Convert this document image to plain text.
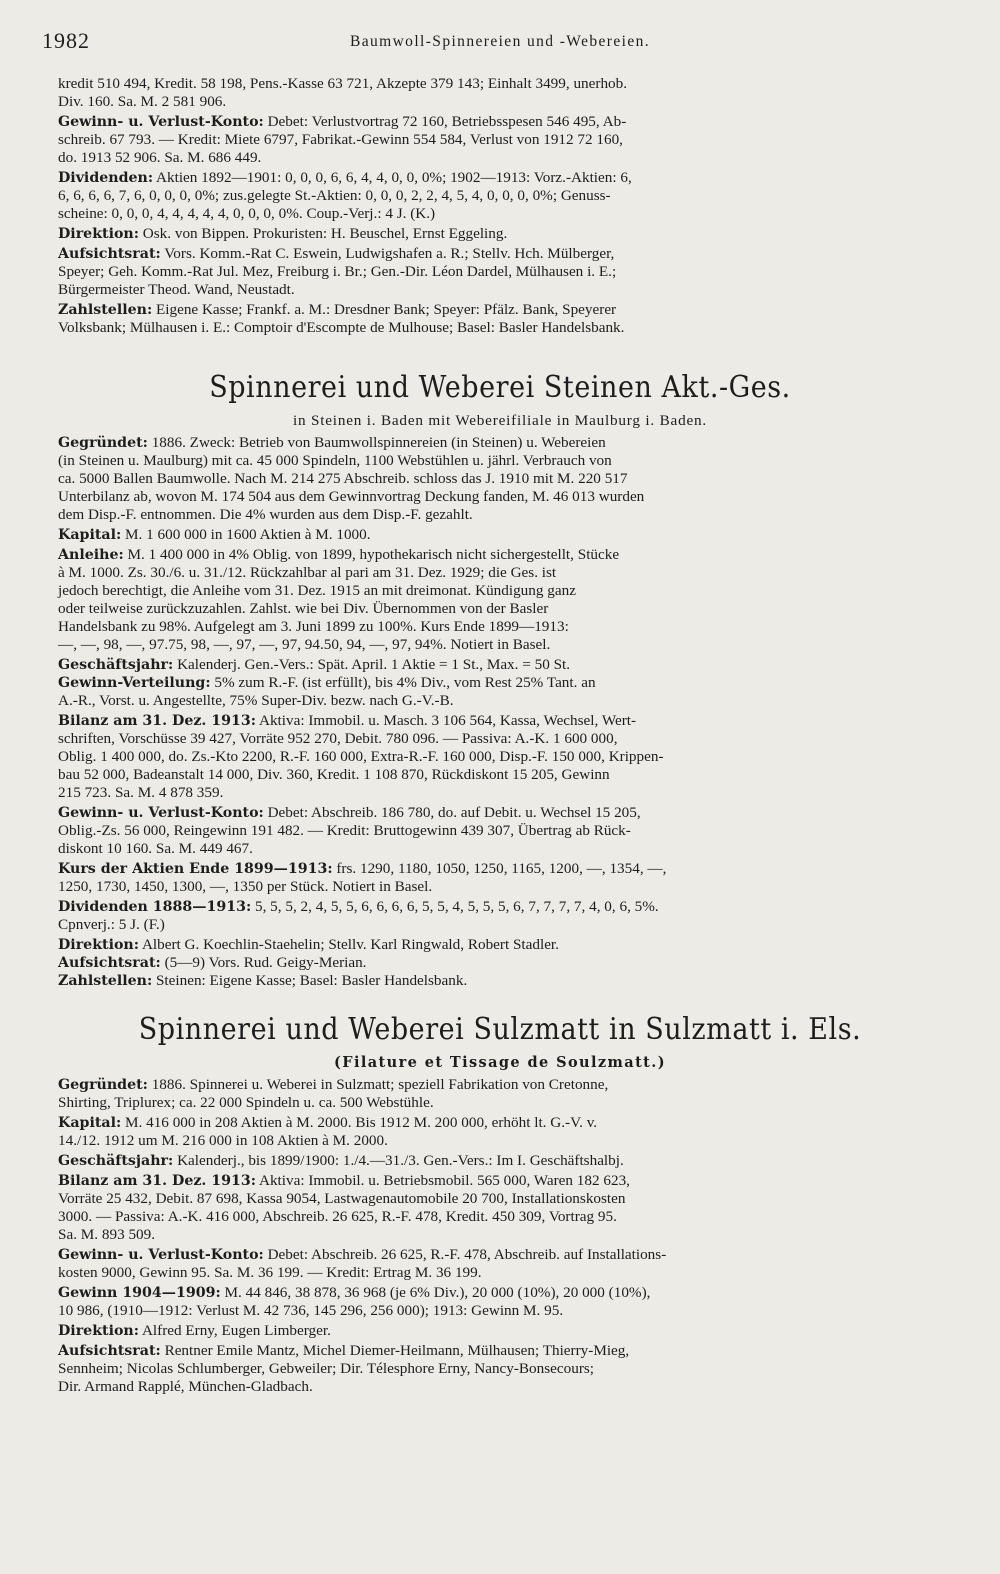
1982	Baumwoll-Spinnereien und -Webereien.
kredit 510 494, Kredit. 58 198, Pens.-Kasse 63 721, Akzepte 379 143; Einhalt 3499, unerhob.
Div. 160. Sa. M. 2 581 906.
Gewinn- u. Verlust-Konto: Debet: Verlustvortrag 72 160, Betriebsspesen 546 495, Ab-
schreib. 67 793. — Kredit: Miete 6797, Fabrikat.-Gewinn 554 584, Verlust von 1912 72 160,
do. 1913 52 906. Sa. M. 686 449.
Dividenden: Aktien 1892—1901: 0, 0, 0, 6, 6, 4, 4, 0, 0, 0%; 1902—1913: Vorz.-Aktien: 6,
6, 6, 6, 6, 7, 6, 0, 0, 0, 0%; zus.gelegte St.-Aktien: 0, 0, 0, 2, 2, 4, 5, 4, 0, 0, 0, 0%; Genuss-
scheine: 0, 0, 0, 4, 4, 4, 4, 4, 0, 0, 0, 0%. Coup.-Verj.: 4 J. (K.)
Direktion: Osk. von Bippen. Prokuristen: H. Beuschel, Ernst Eggeling.
Aufsichtsrat: Vors. Komm.-Rat C. Eswein, Ludwigshafen a. R.; Stellv. Hch. Mülberger,
Speyer; Geh. Komm.-Rat Jul. Mez, Freiburg i. Br.; Gen.-Dir. Léon Dardel, Mülhausen i. E.;
Bürgermeister Theod. Wand, Neustadt.
Zahlstellen: Eigene Kasse; Frankf. a. M.: Dresdner Bank; Speyer: Pfälz. Bank, Speyerer
Volksbank; Mülhausen i. E.: Comptoir d'Escompte de Mulhouse; Basel: Basler Handelsbank.
Spinnerei und Weberei Steinen Akt.-Ges.
in Steinen i. Baden mit Webereifiliale in Maulburg i. Baden.
Gegründet: 1886. Zweck: Betrieb von Baumwollspinnereien (in Steinen) u. Webereien
(in Steinen u. Maulburg) mit ca. 45 000 Spindeln, 1100 Webstühlen u. jährl. Verbrauch von
ca. 5000 Ballen Baumwolle. Nach M. 214 275 Abschreib. schloss das J. 1910 mit M. 220 517
Unterbilanz ab, wovon M. 174 504 aus dem Gewinnvortrag Deckung fanden, M. 46 013 wurden
dem Disp.-F. entnommen. Die 4% wurden aus dem Disp.-F. gezahlt.
Kapital: M. 1 600 000 in 1600 Aktien à M. 1000.
Anleihe: M. 1 400 000 in 4% Oblig. von 1899, hypothekarisch nicht sichergestellt, Stücke
à M. 1000. Zs. 30./6. u. 31./12. Rückzahlbar al pari am 31. Dez. 1929; die Ges. ist
jedoch berechtigt, die Anleihe vom 31. Dez. 1915 an mit dreimonat. Kündigung ganz
oder teilweise zurückzuzahlen. Zahlst. wie bei Div. Übernommen von der Basler
Handelsbank zu 98%. Aufgelegt am 3. Juni 1899 zu 100%. Kurs Ende 1899—1913:
—, —, 98, —, 97.75, 98, —, 97, —, 97, 94.50, 94, —, 97, 94%. Notiert in Basel.
Geschäftsjahr: Kalenderj. Gen.-Vers.: Spät. April. 1 Aktie = 1 St., Max. = 50 St.
Gewinn-Verteilung: 5% zum R.-F. (ist erfüllt), bis 4% Div., vom Rest 25% Tant. an
A.-R., Vorst. u. Angestellte, 75% Super-Div. bezw. nach G.-V.-B.
Bilanz am 31. Dez. 1913: Aktiva: Immobil. u. Masch. 3 106 564, Kassa, Wechsel, Wert-
schriften, Vorschüsse 39 427, Vorräte 952 270, Debit. 780 096. — Passiva: A.-K. 1 600 000,
Oblig. 1 400 000, do. Zs.-Kto 2200, R.-F. 160 000, Extra-R.-F. 160 000, Disp.-F. 150 000, Krippen-
bau 52 000, Badeanstalt 14 000, Div. 360, Kredit. 1 108 870, Rückdiskont 15 205, Gewinn
215 723. Sa. M. 4 878 359.
Gewinn- u. Verlust-Konto: Debet: Abschreib. 186 780, do. auf Debit. u. Wechsel 15 205,
Oblig.-Zs. 56 000, Reingewinn 191 482. — Kredit: Bruttogewinn 439 307, Übertrag ab Rück-
diskont 10 160. Sa. M. 449 467.
Kurs der Aktien Ende 1899—1913: frs. 1290, 1180, 1050, 1250, 1165, 1200, —, 1354, —,
1250, 1730, 1450, 1300, —, 1350 per Stück. Notiert in Basel.
Dividenden 1888—1913: 5, 5, 5, 2, 4, 5, 5, 6, 6, 6, 6, 5, 5, 4, 5, 5, 5, 6, 7, 7, 7, 7, 4, 0, 6, 5%.
Cpnverj.: 5 J. (F.)
Direktion: Albert G. Koechlin-Staehelin; Stellv. Karl Ringwald, Robert Stadler.
Aufsichtsrat: (5—9) Vors. Rud. Geigy-Merian.
Zahlstellen: Steinen: Eigene Kasse; Basel: Basler Handelsbank.
Spinnerei und Weberei Sulzmatt in Sulzmatt i. Els.
(Filature et Tissage de Soulzmatt.)
Gegründet: 1886. Spinnerei u. Weberei in Sulzmatt; speziell Fabrikation von Cretonne,
Shirting, Triplurex; ca. 22 000 Spindeln u. ca. 500 Webstühle.
Kapital: M. 416 000 in 208 Aktien à M. 2000. Bis 1912 M. 200 000, erhöht lt. G.-V. v.
14./12. 1912 um M. 216 000 in 108 Aktien à M. 2000.
Geschäftsjahr: Kalenderj., bis 1899/1900: 1./4.—31./3. Gen.-Vers.: Im I. Geschäftshalbj.
Bilanz am 31. Dez. 1913: Aktiva: Immobil. u. Betriebsmobil. 565 000, Waren 182 623,
Vorräte 25 432, Debit. 87 698, Kassa 9054, Lastwagenautomobile 20 700, Installationskosten
3000. — Passiva: A.-K. 416 000, Abschreib. 26 625, R.-F. 478, Kredit. 450 309, Vortrag 95.
Sa. M. 893 509.
Gewinn- u. Verlust-Konto: Debet: Abschreib. 26 625, R.-F. 478, Abschreib. auf Installations-
kosten 9000, Gewinn 95. Sa. M. 36 199. — Kredit: Ertrag M. 36 199.
Gewinn 1904—1909: M. 44 846, 38 878, 36 968 (je 6% Div.), 20 000 (10%), 20 000 (10%),
10 986, (1910—1912: Verlust M. 42 736, 145 296, 256 000); 1913: Gewinn M. 95.
Direktion: Alfred Erny, Eugen Limberger.
Aufsichtsrat: Rentner Emile Mantz, Michel Diemer-Heilmann, Mülhausen; Thierry-Mieg,
Sennheim; Nicolas Schlumberger, Gebweiler; Dir. Télesphore Erny, Nancy-Bonsecours;
Dir. Armand Rapplé, München-Gladbach.
